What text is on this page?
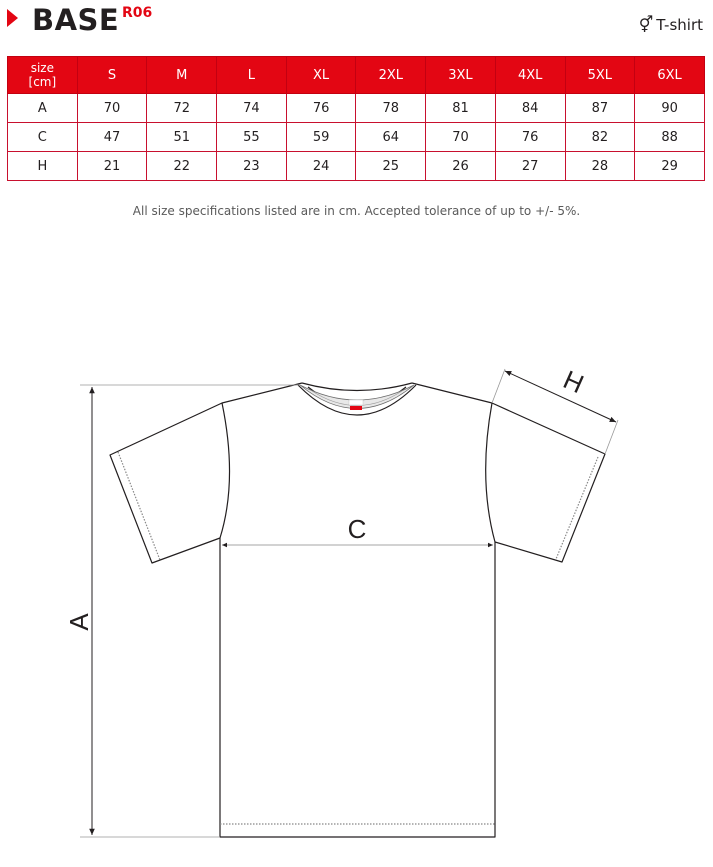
BASE R06
⚥ T-shirt
size
[cm]	S	M	L	XL	2XL	3XL	4XL	5XL	6XL
A	70	72	74	76	78	81	84	87	90
C	47	51	55	59	64	70	76	82	88
H	21	22	23	24	25	26	27	28	29
All size specifications listed are in cm. Accepted tolerance of up to +/- 5%.
A
C
H
